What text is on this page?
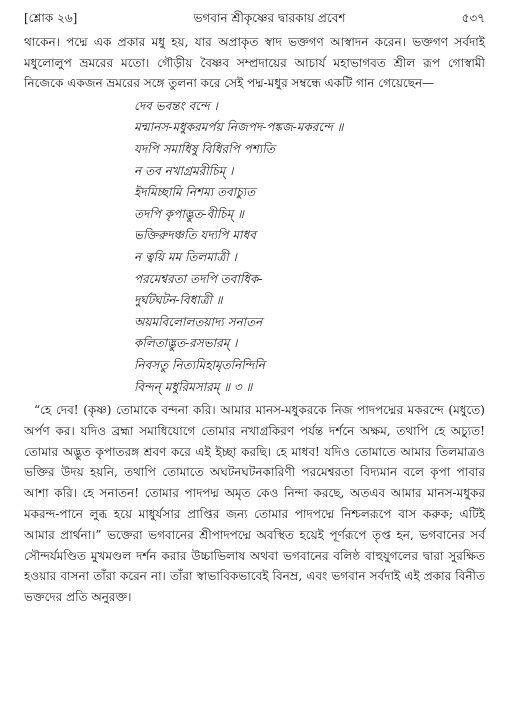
[শ্লোক ২৬]	ভগবান শ্রীকৃষ্ণের দ্বারকায় প্রবেশ	৫৩৭

থাকেন। পদ্মে এক প্রকার মধু হয়, যার অপ্রাকৃত স্বাদ ভক্তগণ আস্বাদন করেন। ভক্তগণ সর্বদাই মধুলোলুপ ভ্রমরের মতো। গৌড়ীয় বৈষ্ণব সম্প্রদায়ের আচার্য মহাভাগবত শ্রীল রূপ গোস্বামী নিজেকে একজন ভ্রমরের সঙ্গে তুলনা করে সেই পদ্ম-মধুর সম্বন্ধে একটি গান গেয়েছেন—

দেব ভবন্তং বন্দে ।
মন্মানস-মধুকরমর্পয় নিজপদ-পঙ্কজ-মকরন্দে ॥
যদপি সমাধিষু বিধিরপি পশ্যতি
ন তব নখাগ্রমরীচিম্ ।
ইদমিচ্ছামি নিশম্য তবাচ্যুত
তদপি কৃপাদ্ভুত-বীচিম্ ॥
ভক্তিরুদঞ্চতি যদ্যপি মাধব
ন ত্বয়ি মম তিলমাত্রী ।
পরমেশ্বরতা তদপি তবাধিক-
দুর্ঘটঘটন-বিধাত্রী ॥
অয়মবিলোলতয়াদ্য সনাতন
কলিতাদ্ভুত-রসভারম্ ।
নিবসতু নিত্যমিহামৃতনিন্দিনি
বিন্দন্ মধুরিমসারম্ ॥ ৩ ॥

“হে দেব! (কৃষ্ণ) তোমাকে বন্দনা করি। আমার মানস-মধুকরকে নিজ পাদপদ্মের মকরন্দে (মধুতে) অর্পণ কর। যদিও ব্রহ্মা সমাধিযোগে তোমার নখাগ্রকিরণ পর্যন্ত দর্শনে অক্ষম, তথাপি হে অচ্যুত! তোমার অদ্ভুত কৃপাতরঙ্গ শ্রবণ করে এই ইচ্ছা করছি। হে মাধব! যদিও তোমাতে আমার তিলমাত্রও ভক্তির উদয় হয়নি, তথাপি তোমাতে অঘটনঘটনকারিণী পরমেশ্বরতা বিদ্যমান বলে কৃপা পাবার আশা করি। হে সনাতন! তোমার পাদপদ্ম অমৃত কেও নিন্দা করছে, অতএব আমার মানস-মধুকর মকরন্দ-পানে লুব্ধ হয়ে মাধুর্যসার প্রাপ্তির জন্য তোমার পাদপদ্মে নিশ্চলরূপে বাস করুক; এটিই আমার প্রার্থনা।” ভক্তেরা ভগবানের শ্রীপাদপদ্মে অবস্থিত হয়েই পূর্ণরূপে তৃপ্ত হন, ভগবানের সর্ব সৌন্দর্যমণ্ডিত মুখমণ্ডল দর্শন করার উচ্চাভিলাষ অথবা ভগবানের বলিষ্ঠ বাহুযুগলের দ্বারা সুরক্ষিত হওয়ার বাসনা তাঁরা করেন না। তাঁরা স্বাভাবিকভাবেই বিনম্র, এবং ভগবান সর্বদাই এই প্রকার বিনীত ভক্তদের প্রতি অনুরক্ত।
